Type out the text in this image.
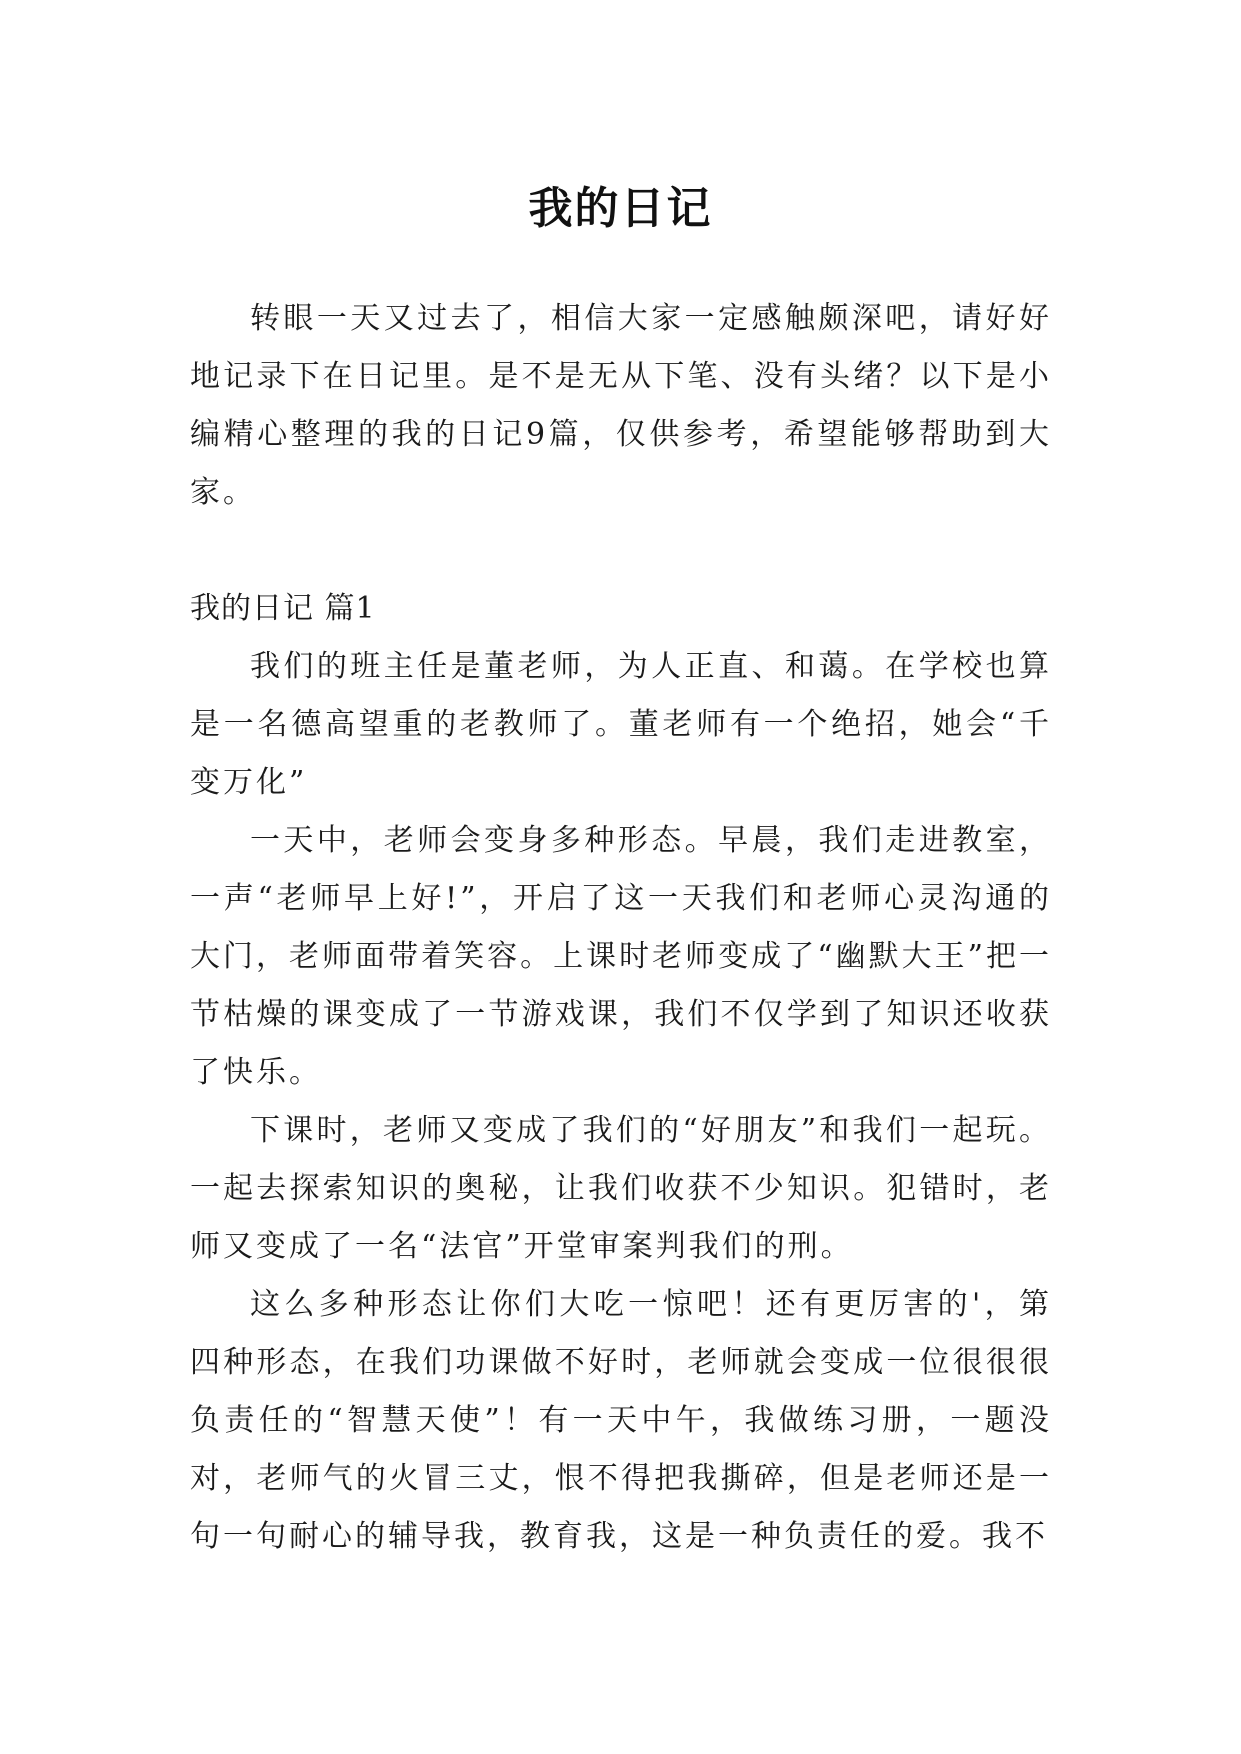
我的日记

转眼一天又过去了，相信大家一定感触颇深吧，请好好地记录下在日记里。是不是无从下笔、没有头绪？以下是小编精心整理的我的日记9篇，仅供参考，希望能够帮助到大家。

我的日记 篇1

我们的班主任是董老师，为人正直、和蔼。在学校也算是一名德高望重的老教师了。董老师有一个绝招，她会“千变万化”

一天中，老师会变身多种形态。早晨，我们走进教室，一声“老师早上好!”，开启了这一天我们和老师心灵沟通的大门，老师面带着笑容。上课时老师变成了“幽默大王”把一节枯燥的课变成了一节游戏课，我们不仅学到了知识还收获了快乐。

下课时，老师又变成了我们的“好朋友”和我们一起玩。一起去探索知识的奥秘，让我们收获不少知识。犯错时，老师又变成了一名“法官”开堂审案判我们的刑。

这么多种形态让你们大吃一惊吧！还有更厉害的'，第四种形态，在我们功课做不好时，老师就会变成一位很很很负责任的“智慧天使”！有一天中午，我做练习册，一题没对，老师气的火冒三丈，恨不得把我撕碎，但是老师还是一句一句耐心的辅导我，教育我，这是一种负责任的爱。我不
